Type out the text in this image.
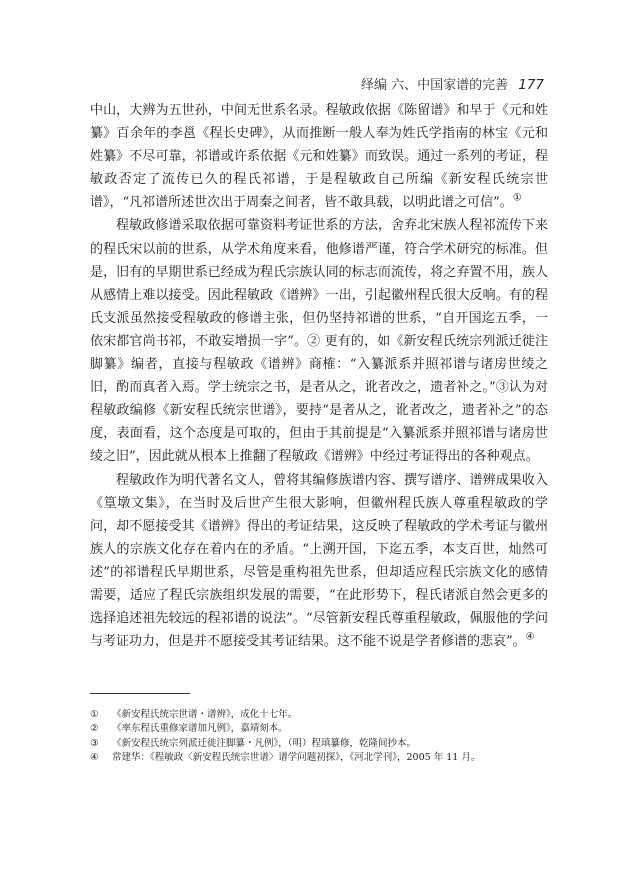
绎编 六、中国家谱的完善 177

中山，大辨为五世孙，中间无世系名录。程敏政依据《陈留谱》和早于《元和姓纂》百余年的李邕《程长史碑》，从而推断一般人奉为姓氏学指南的林宝《元和姓纂》不尽可靠，祁谱或许系依据《元和姓纂》而致误。通过一系列的考证，程敏政否定了流传已久的程氏祁谱，于是程敏政自己所编《新安程氏统宗世谱》，“凡祁谱所述世次出于周秦之间者，皆不敢具载，以明此谱之可信”。①

程敏政修谱采取依据可靠资料考证世系的方法，舍弃北宋族人程祁流传下来的程氏宋以前的世系，从学术角度来看，他修谱严谨，符合学术研究的标准。但是，旧有的早期世系已经成为程氏宗族认同的标志而流传，将之弃置不用，族人从感情上难以接受。因此程敏政《谱辨》一出，引起徽州程氏很大反响。有的程氏支派虽然接受程敏政的修谱主张，但仍坚持祁谱的世系，“自开国迄五季，一依宋都官尚书祁，不敢妄增损一字”。② 更有的，如《新安程氏统宗列派迁徙注脚纂》编者，直接与程敏政《谱辨》商榷：“入纂派系并照祁谱与诸房世绫之旧，酌而真者入焉。学士统宗之书，是者从之，讹者改之，遗者补之。”③认为对程敏政编修《新安程氏统宗世谱》，要持“是者从之，讹者改之，遗者补之”的态度，表面看，这个态度是可取的，但由于其前提是“入纂派系并照祁谱与诸房世绫之旧”，因此就从根本上推翻了程敏政《谱辨》中经过考证得出的各种观点。

程敏政作为明代著名文人，曾将其编修族谱内容、撰写谱序、谱辨成果收入《篁墩文集》，在当时及后世产生很大影响，但徽州程氏族人尊重程敏政的学问，却不愿接受其《谱辨》得出的考证结果，这反映了程敏政的学术考证与徽州族人的宗族文化存在着内在的矛盾。“上溯开国，下迄五季，本支百世，灿然可述”的祁谱程氏早期世系，尽管是重构祖先世系，但却适应程氏宗族文化的感情需要，适应了程氏宗族组织发展的需要，“在此形势下，程氏诸派自然会更多的选择追述祖先较远的程祁谱的说法”。“尽管新安程氏尊重程敏政，佩服他的学问与考证功力，但是并不愿接受其考证结果。这不能不说是学者修谱的悲哀”。④

①	《新安程氏统宗世谱・谱辨》，成化十七年。
②	《率东程氏重修家谱加凡例》，嘉靖刻本。
③	《新安程氏统宗列派迁徙注脚纂・凡例》，（明）程瑱纂修，乾隆间抄本。
④	常建华：《程敏政〈新安程氏统宗世谱〉谱学问题初探》，《河北学刊》，2005 年 11 月。
